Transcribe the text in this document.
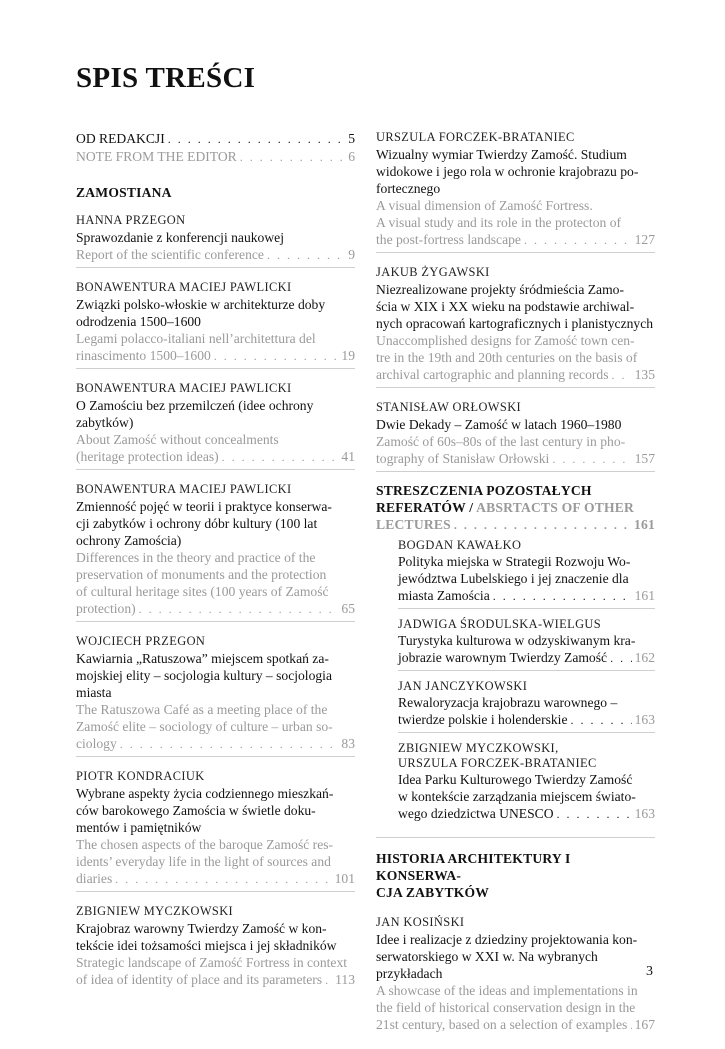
SPIS TREŚCI
OD REDAKCJI . . .	5
NOTE FROM THE EDITOR . . .	6
ZAMOSTIANA
HANNA PRZEGON
Sprawozdanie z konferencji naukowej
Report of the scientific conference . . .	9
BONAWENTURA MACIEJ PAWLICKI
Związki polsko-włoskie w architekturze doby
odrodzenia 1500–1600
Legami polacco-italiani nell’architettura del
rinascimento 1500–1600 . . .	19
BONAWENTURA MACIEJ PAWLICKI
O Zamościu bez przemilczeń (idee ochrony
zabytków)
About Zamość without concealments
(heritage protection ideas) . . .	41
BONAWENTURA MACIEJ PAWLICKI
Zmienność pojęć w teorii i praktyce konserwa-
cji zabytków i ochrony dóbr kultury (100 lat
ochrony Zamościa)
Differences in the theory and practice of the
preservation of monuments and the protection
of cultural heritage sites (100 years of Zamość
protection) . . .	65
WOJCIECH PRZEGON
Kawiarnia „Ratuszowa” miejscem spotkań za-
mojskiej elity – socjologia kultury – socjologia
miasta
The Ratuszowa Café as a meeting place of the
Zamość elite – sociology of culture – urban so-
ciology . . .	83
PIOTR KONDRACIUK
Wybrane aspekty życia codziennego mieszkań-
ców barokowego Zamościa w świetle doku-
mentów i pamiętników
The chosen aspects of the baroque Zamość res-
idents’ everyday life in the light of sources and
diaries . . .	101
ZBIGNIEW MYCZKOWSKI
Krajobraz warowny Twierdzy Zamość w kon-
tekście idei tożsamości miejsca i jej składników
Strategic landscape of Zamość Fortress in context
of idea of identity of place and its parameters . . . 113
URSZULA FORCZEK-BRATANIEC
Wizualny wymiar Twierdzy Zamość. Studium
widokowe i jego rola w ochronie krajobrazu po-
fortecznego
A visual dimension of Zamość Fortress.
A visual study and its role in the protecton of
the post-fortress landscape . . .	127
JAKUB ŻYGAWSKI
Niezrealizowane projekty śródmieścia Zamo-
ścia w XIX i XX wieku na podstawie archiwal-
nych opracowań kartograficznych i planistycznych
Unaccomplished designs for Zamość town cen-
tre in the 19th and 20th centuries on the basis of
archival cartographic and planning records . . . 135
STANISŁAW ORŁOWSKI
Dwie Dekady – Zamość w latach 1960–1980
Zamość of 60s–80s of the last century in pho-
tography of Stanisław Orłowski . . .	157
STRESZCZENIA POZOSTAŁYCH
REFERATÓW / ABSRTACTS OF OTHER
LECTURES . . .	161
BOGDAN KAWAŁKO
Polityka miejska w Strategii Rozwoju Wo-
jewództwa Lubelskiego i jej znaczenie dla
miasta Zamościa . . .	161
JADWIGA ŚRODULSKA-WIELGUS
Turystyka kulturowa w odzyskiwanym kra-
jobrazie warownym Twierdzy Zamość . . . 162
JAN JANCZYKOWSKI
Rewaloryzacja krajobrazu warownego –
twierdze polskie i holenderskie . . .	163
ZBIGNIEW MYCZKOWSKI,
URSZULA FORCZEK-BRATANIEC
Idea Parku Kulturowego Twierdzy Zamość
w kontekście zarządzania miejscem świato-
wego dziedzictwa UNESCO . . .	163
HISTORIA ARCHITEKTURY I KONSERWA-
CJA ZABYTKÓW
JAN KOSIŃSKI
Idee i realizacje z dziedziny projektowania kon-
serwatorskiego w XXI w. Na wybranych przykładach
A showcase of the ideas and implementations in
the field of historical conservation design in the
21st century, based on a selection of examples . . . 167
3
